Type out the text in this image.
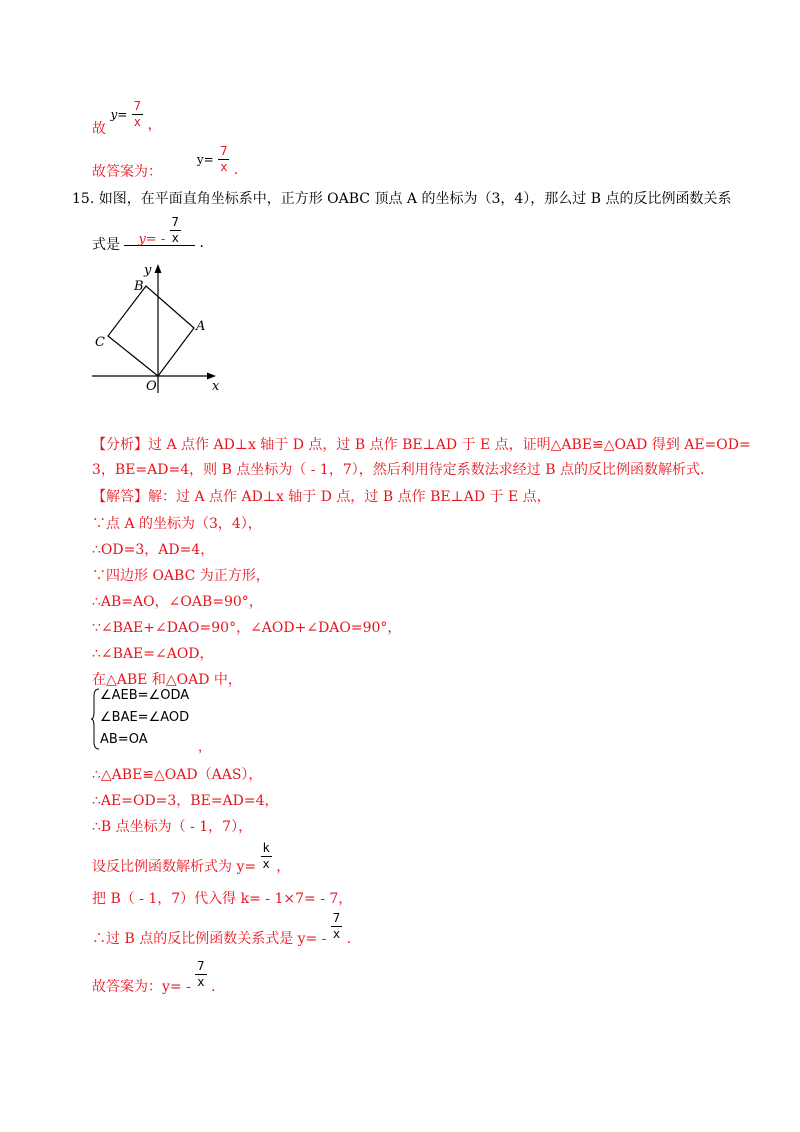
故 $y= \frac{7}{x}$ ，
故答案为：  $y= \frac{7}{x}$ .
15. 如图，在平面直角坐标系中，正方形 OABC 顶点 A 的坐标为（3，4），那么过 B 点的反比例函数关系
式是 $y= - \frac{7}{x}$ .
y
x
O
A
B
C
【分析】过 A 点作 AD⊥x 轴于 D 点，过 B 点作 BE⊥AD 于 E 点，证明△ABE≌△OAD 得到 AE=OD=
3，BE=AD=4，则 B 点坐标为（ - 1，7），然后利用待定系数法求经过 B 点的反比例函数解析式.
【解答】解：过 A 点作 AD⊥x 轴于 D 点，过 B 点作 BE⊥AD 于 E 点，
∵点 A 的坐标为（3，4），
∴OD=3，AD=4，
∵四边形 OABC 为正方形，
∴AB=AO，∠OAB=90°，
∵∠BAE+∠DAO=90°，∠AOD+∠DAO=90°，
∴∠BAE=∠AOD，
在△ABE 和△OAD 中，
∠AEB=∠ODA
∠BAE=∠AOD
AB=OA
，
∴△ABE≌△OAD（AAS），
∴AE=OD=3，BE=AD=4，
∴B 点坐标为（ - 1，7），
设反比例函数解析式为 $y= \frac{k}{x}$ ，
把 B（ - 1，7）代入得 k= - 1×7= - 7，
∴过 B 点的反比例函数关系式是 $y= - \frac{7}{x}$ .
故答案为：$y= - \frac{7}{x}$ .
